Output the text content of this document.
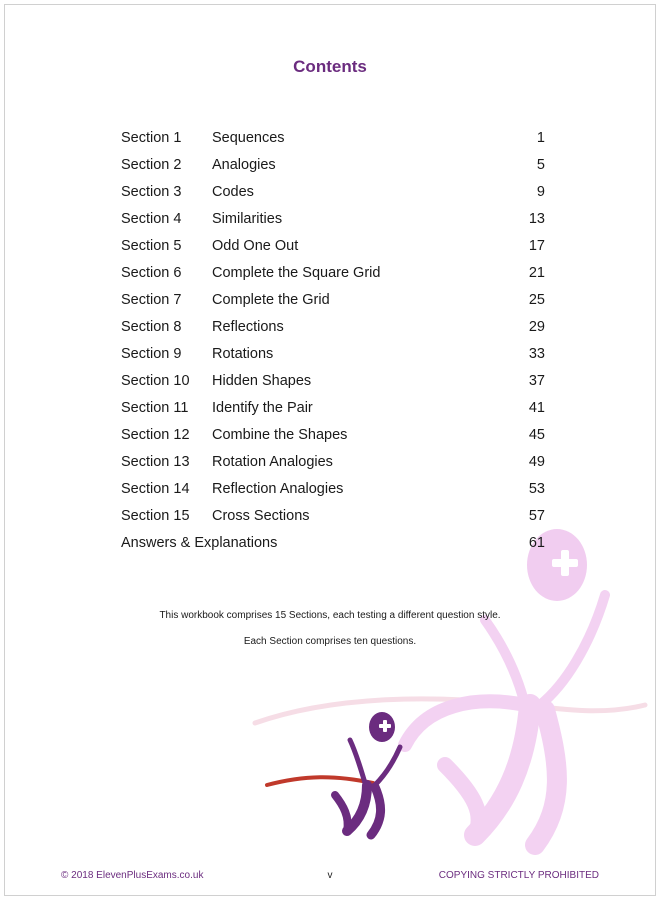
Contents
Section 1 Sequences	1
Section 2 Analogies	5
Section 3 Codes	9
Section 4 Similarities	13
Section 5 Odd One Out	17
Section 6 Complete the Square Grid	21
Section 7 Complete the Grid	25
Section 8 Reflections	29
Section 9 Rotations	33
Section 10 Hidden Shapes	37
Section 11 Identify the Pair	41
Section 12 Combine the Shapes	45
Section 13 Rotation Analogies	49
Section 14 Reflection Analogies	53
Section 15 Cross Sections	57
Answers & Explanations	61
This workbook comprises 15 Sections, each testing a different question style.
Each Section comprises ten questions.
© 2018 ElevenPlusExams.co.uk	v	COPYING STRICTLY PROHIBITED
